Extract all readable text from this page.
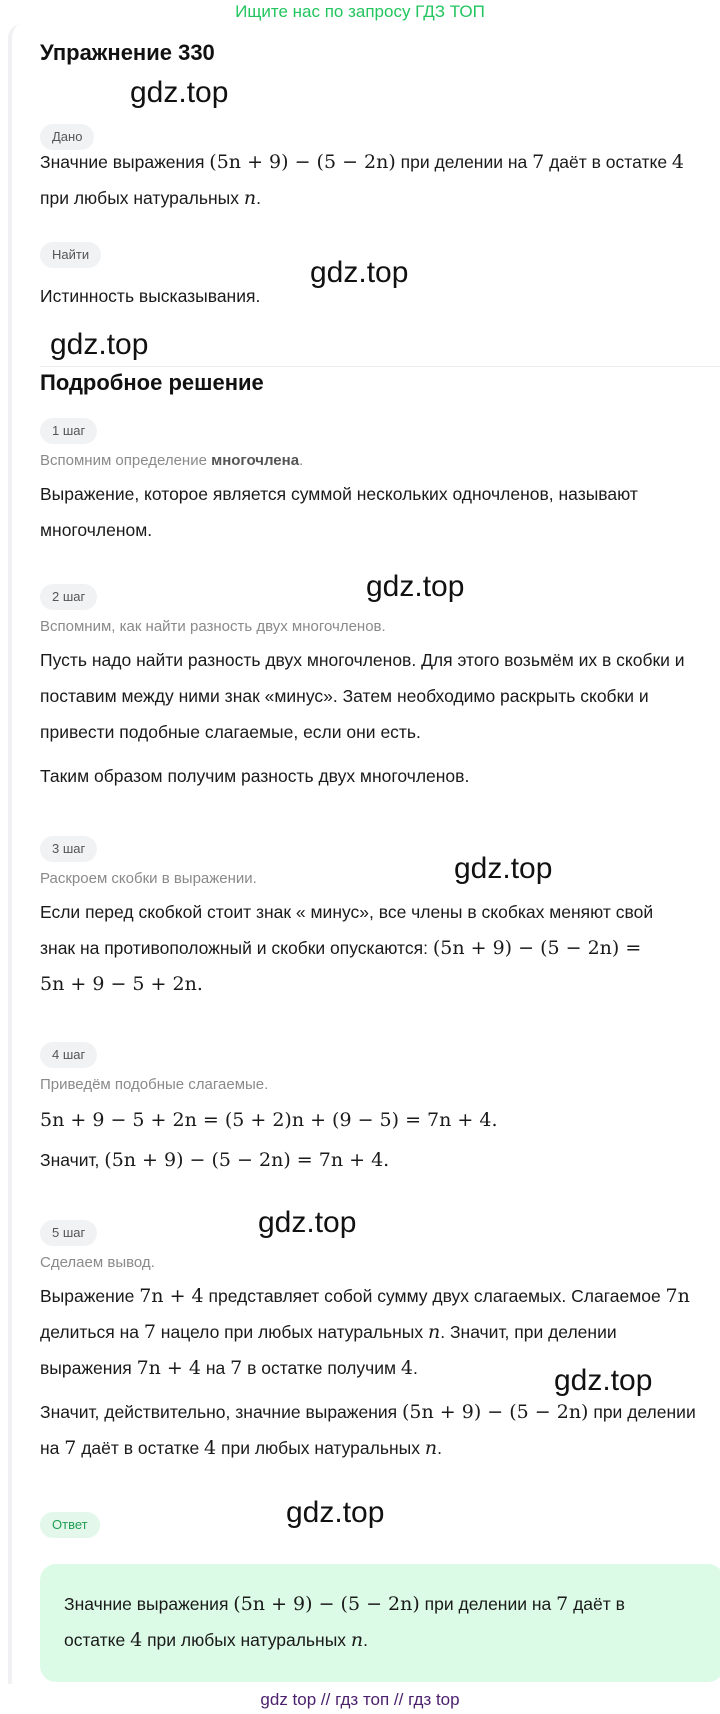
Ищите нас по запросу ГДЗ ТОП
Упражнение 330
Дано
Значние выражения (5n + 9) − (5 − 2n) при делении на 7 даёт в остатке 4
при любых натуральных n.
Найти
Истинность высказывания.
Подробное решение
1 шаг
Вспомним определение многочлена.
Выражение, которое является суммой нескольких одночленов, называют
многочленом.
2 шаг
Вспомним, как найти разность двух многочленов.
Пусть надо найти разность двух многочленов. Для этого возьмём их в скобки и
поставим между ними знак «минус». Затем необходимо раскрыть скобки и
привести подобные слагаемые, если они есть.
Таким образом получим разность двух многочленов.
3 шаг
Раскроем скобки в выражении.
Если перед скобкой стоит знак « минус», все члены в скобках меняют свой
знак на противоположный и скобки опускаются: (5n + 9) − (5 − 2n) =
5n + 9 − 5 + 2n.
4 шаг
Приведём подобные слагаемые.
5n + 9 − 5 + 2n = (5 + 2)n + (9 − 5) = 7n + 4.
Значит, (5n + 9) − (5 − 2n) = 7n + 4.
5 шаг
Сделаем вывод.
Выражение 7n + 4 представляет собой сумму двух слагаемых. Слагаемое 7n
делиться на 7 нацело при любых натуральных n. Значит, при делении
выражения 7n + 4 на 7 в остатке получим 4.
Значит, действительно, значние выражения (5n + 9) − (5 − 2n) при делении
на 7 даёт в остатке 4 при любых натуральных n.
Ответ
Значние выражения (5n + 9) − (5 − 2n) при делении на 7 даёт в
остатке 4 при любых натуральных n.
gdz.top
gdz.top
gdz.top
gdz.top
gdz.top
gdz.top
gdz.top
gdz.top
gdz top // гдз топ // гдз top
